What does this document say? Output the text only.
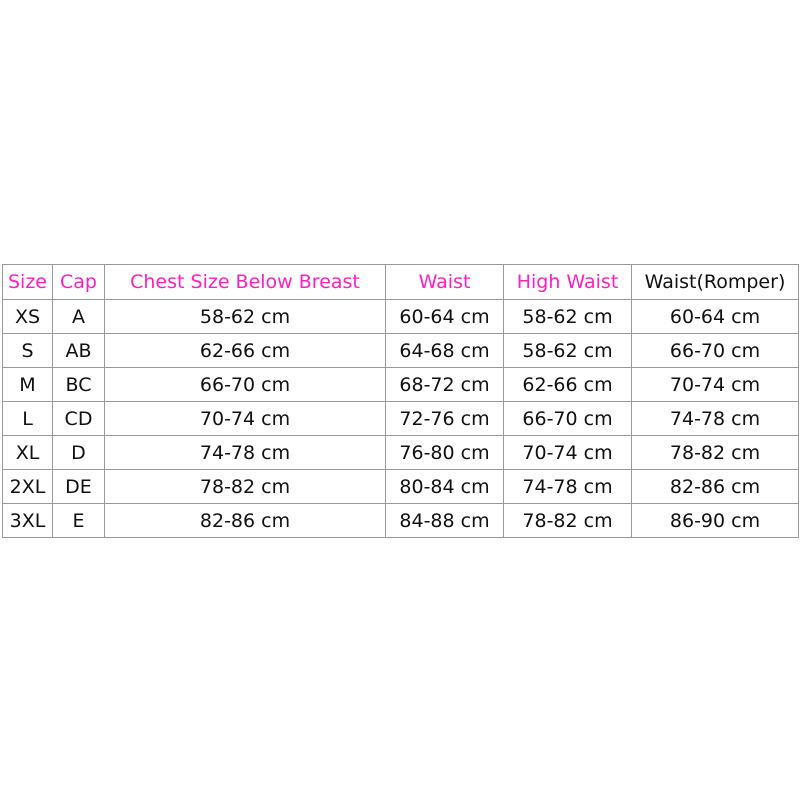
Size	Cap	Chest Size Below Breast	Waist	High Waist	Waist(Romper)
XS	A	58-62 cm	60-64 cm	58-62 cm	60-64 cm
S	AB	62-66 cm	64-68 cm	58-62 cm	66-70 cm
M	BC	66-70 cm	68-72 cm	62-66 cm	70-74 cm
L	CD	70-74 cm	72-76 cm	66-70 cm	74-78 cm
XL	D	74-78 cm	76-80 cm	70-74 cm	78-82 cm
2XL	DE	78-82 cm	80-84 cm	74-78 cm	82-86 cm
3XL	E	82-86 cm	84-88 cm	78-82 cm	86-90 cm
